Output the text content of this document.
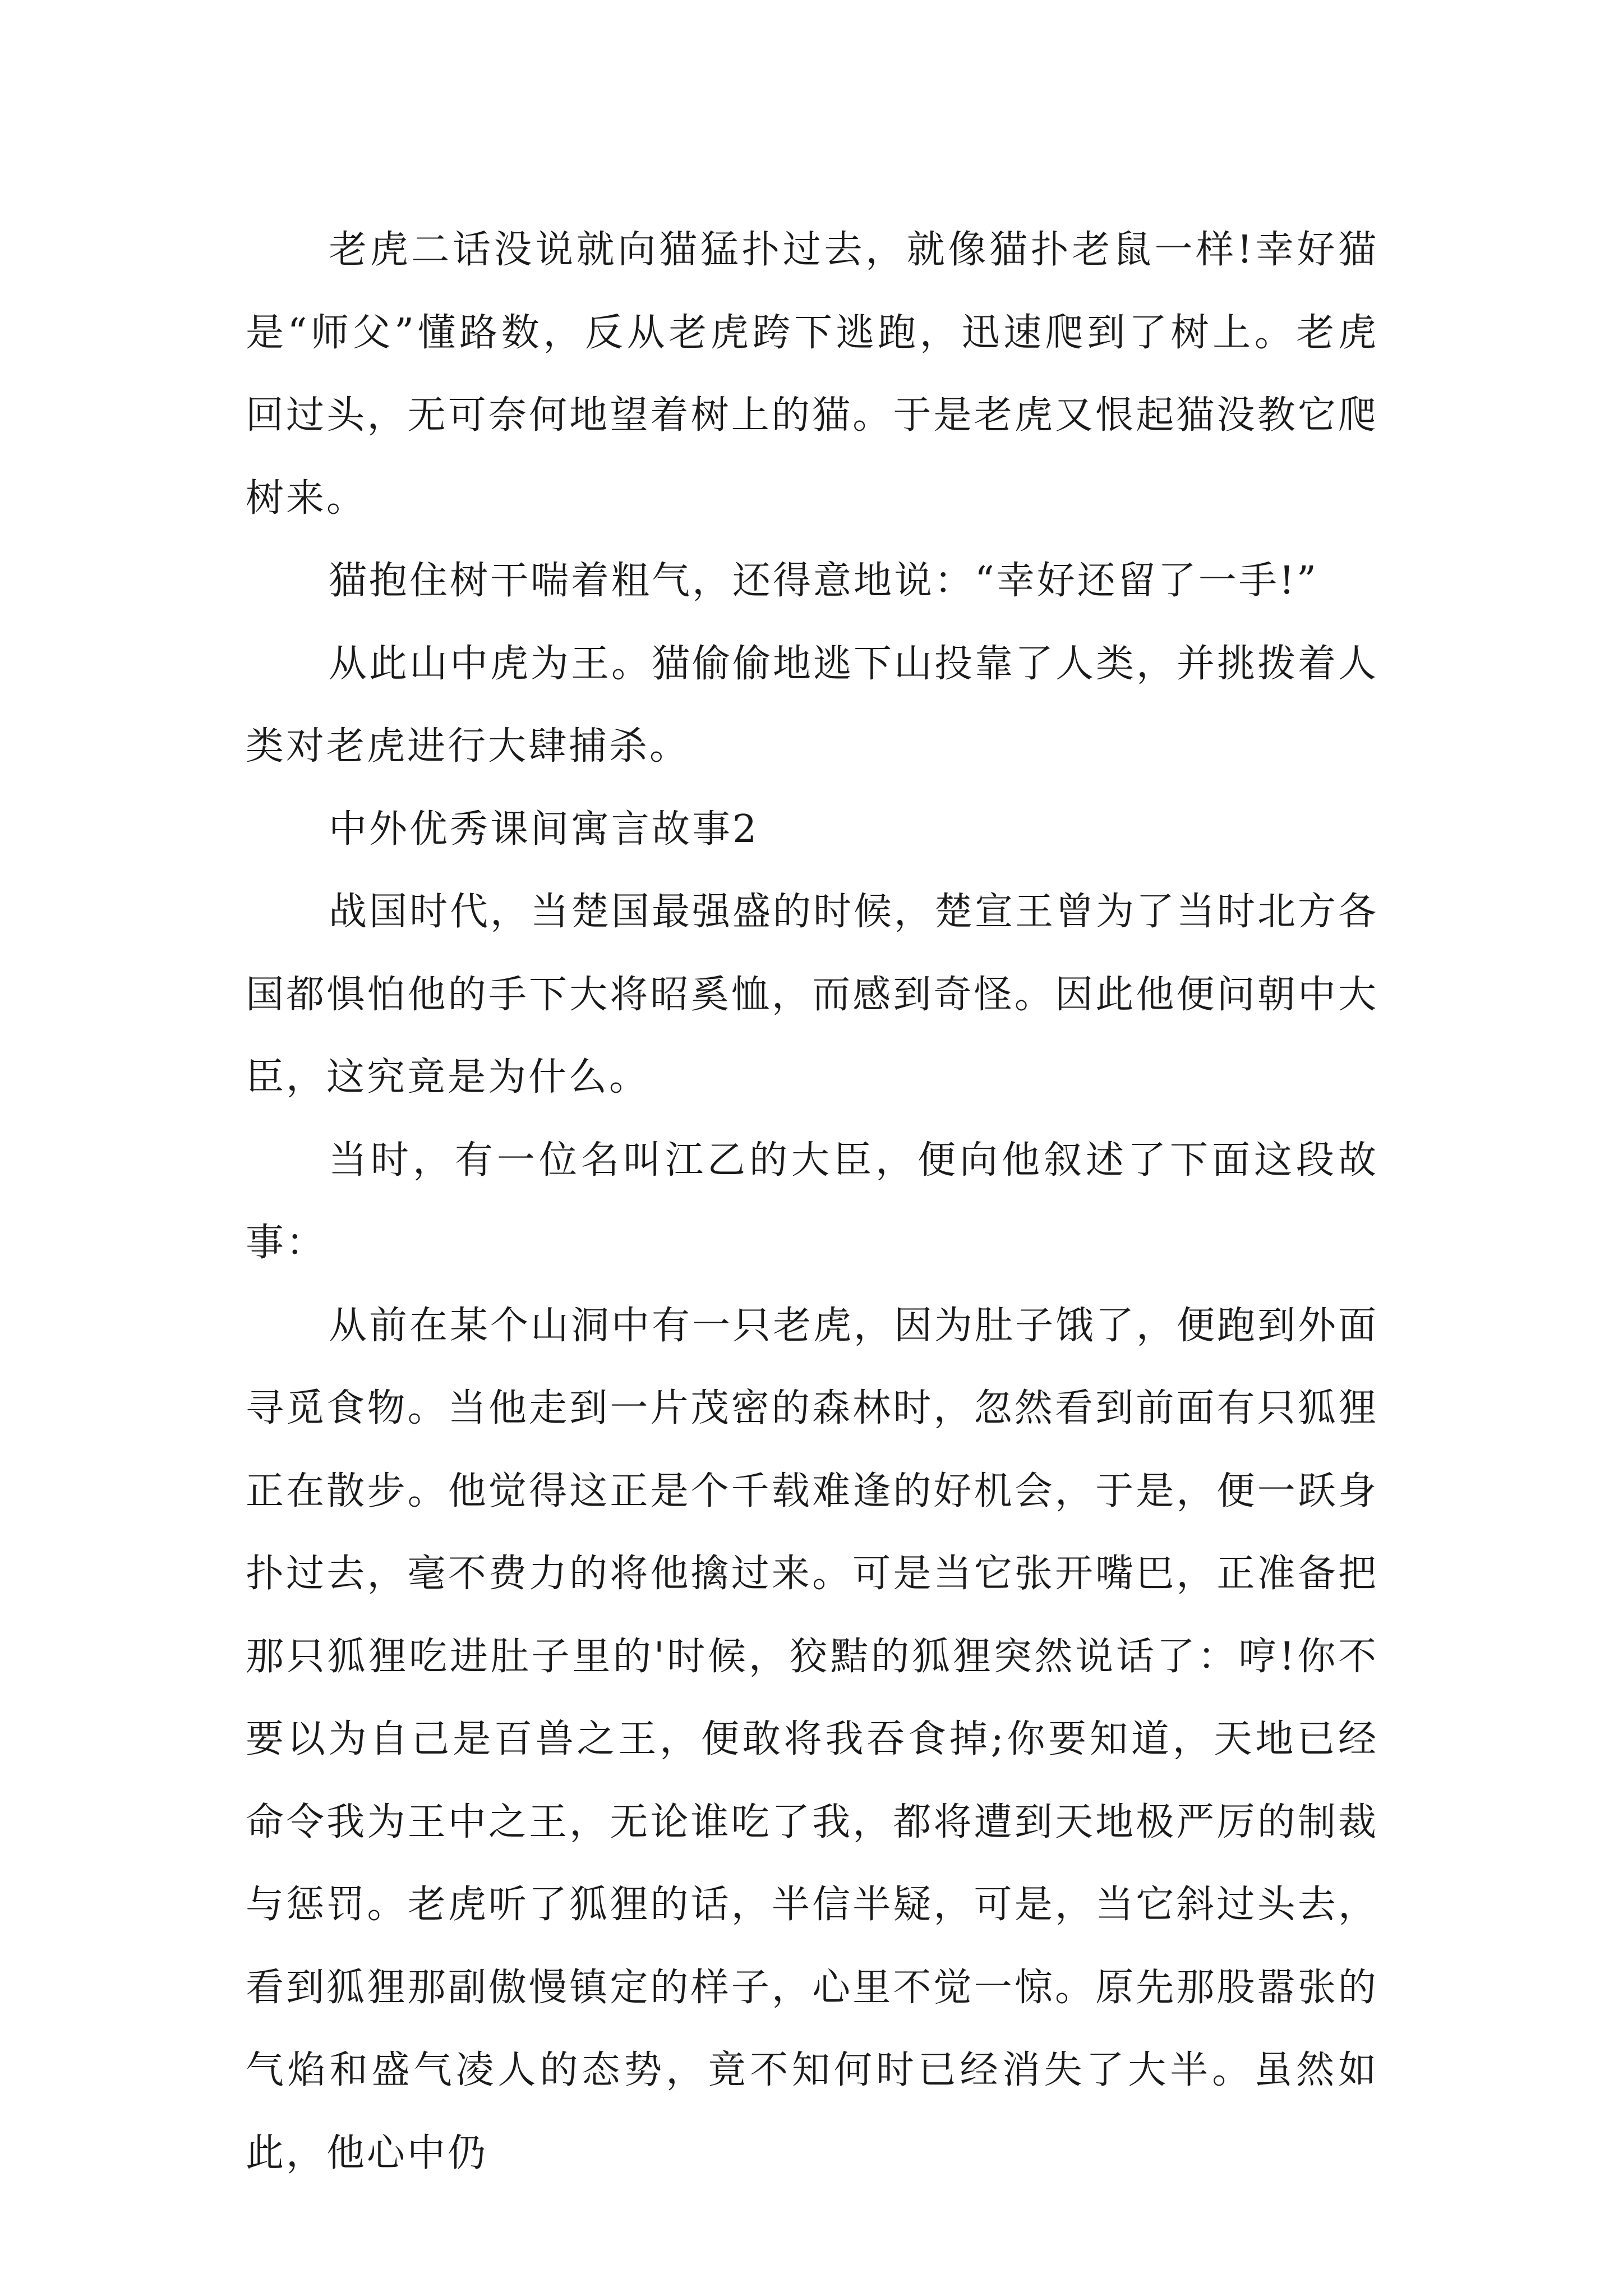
老虎二话没说就向猫猛扑过去，就像猫扑老鼠一样!幸好猫是“师父”懂路数，反从老虎跨下逃跑，迅速爬到了树上。老虎回过头，无可奈何地望着树上的猫。于是老虎又恨起猫没教它爬树来。

猫抱住树干喘着粗气，还得意地说：“幸好还留了一手!”

从此山中虎为王。猫偷偷地逃下山投靠了人类，并挑拨着人类对老虎进行大肆捕杀。

中外优秀课间寓言故事2

战国时代，当楚国最强盛的时候，楚宣王曾为了当时北方各国都惧怕他的手下大将昭奚恤，而感到奇怪。因此他便问朝中大臣，这究竟是为什么。

当时，有一位名叫江乙的大臣，便向他叙述了下面这段故事：

从前在某个山洞中有一只老虎，因为肚子饿了，便跑到外面寻觅食物。当他走到一片茂密的森林时，忽然看到前面有只狐狸正在散步。他觉得这正是个千载难逢的好机会，于是，便一跃身扑过去，毫不费力的将他擒过来。可是当它张开嘴巴，正准备把那只狐狸吃进肚子里的'时候，狡黠的狐狸突然说话了：哼!你不要以为自己是百兽之王，便敢将我吞食掉;你要知道，天地已经命令我为王中之王，无论谁吃了我，都将遭到天地极严厉的制裁与惩罚。老虎听了狐狸的话，半信半疑，可是，当它斜过头去，看到狐狸那副傲慢镇定的样子，心里不觉一惊。原先那股嚣张的气焰和盛气凌人的态势，竟不知何时已经消失了大半。虽然如此，他心中仍
